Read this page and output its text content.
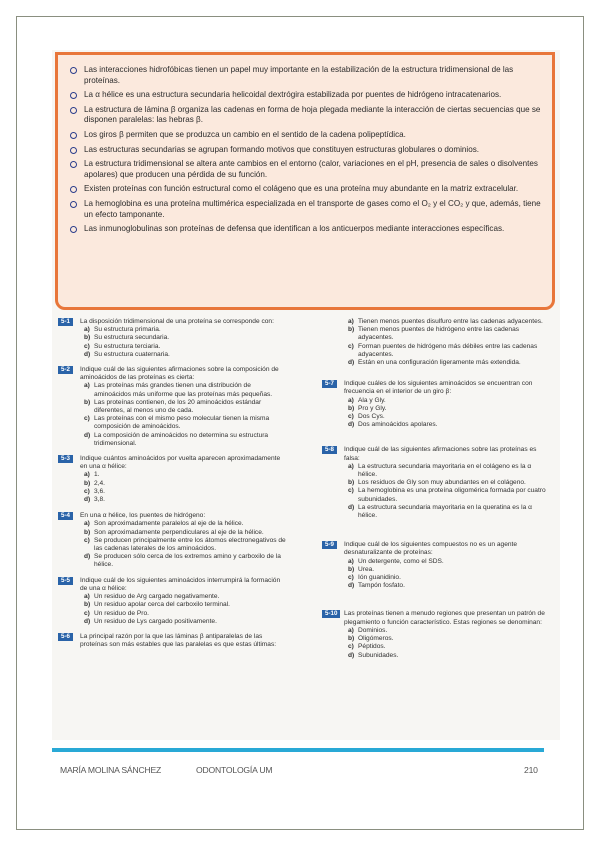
Las interacciones hidrofóbicas tienen un papel muy importante en la estabilización de la estructura tridimensional de las proteínas.
La α hélice es una estructura secundaria helicoidal dextrógira estabilizada por puentes de hidrógeno intracatenarios.
La estructura de lámina β organiza las cadenas en forma de hoja plegada mediante la interacción de ciertas secuencias que se disponen paralelas: las hebras β.
Los giros β permiten que se produzca un cambio en el sentido de la cadena polipeptídica.
Las estructuras secundarias se agrupan formando motivos que constituyen estructuras globulares o dominios.
La estructura tridimensional se altera ante cambios en el entorno (calor, variaciones en el pH, presencia de sales o disolventes apolares) que producen una pérdida de su función.
Existen proteínas con función estructural como el colágeno que es una proteína muy abundante en la matriz extracelular.
La hemoglobina es una proteína multimérica especializada en el transporte de gases como el O₂ y el CO₂ y que, además, tiene un efecto tamponante.
Las inmunoglobulinas son proteínas de defensa que identifican a los anticuerpos mediante interacciones específicas.
5-1	La disposición tridimensional de una proteína se corresponde con:
a) Su estructura primaria.
b) Su estructura secundaria.
c) Su estructura terciaria.
d) Su estructura cuaternaria.
5-2	Indique cuál de las siguientes afirmaciones sobre la composición de aminoácidos de las proteínas es cierta:
a) Las proteínas más grandes tienen una distribución de aminoácidos más uniforme que las proteínas más pequeñas.
b) Las proteínas contienen, de los 20 aminoácidos estándar diferentes, al menos uno de cada.
c) Las proteínas con el mismo peso molecular tienen la misma composición de aminoácidos.
d) La composición de aminoácidos no determina su estructura tridimensional.
5-3	Indique cuántos aminoácidos por vuelta aparecen aproximadamente en una α hélice:
a) 1.
b) 2,4.
c) 3,6.
d) 3,8.
5-4	En una α hélice, los puentes de hidrógeno:
a) Son aproximadamente paralelos al eje de la hélice.
b) Son aproximadamente perpendiculares al eje de la hélice.
c) Se producen principalmente entre los átomos electronegativos de las cadenas laterales de los aminoácidos.
d) Se producen sólo cerca de los extremos amino y carboxilo de la hélice.
5-5	Indique cuál de los siguientes aminoácidos interrumpirá la formación de una α hélice:
a) Un residuo de Arg cargado negativamente.
b) Un residuo apolar cerca del carboxilo terminal.
c) Un residuo de Pro.
d) Un residuo de Lys cargado positivamente.
5-6	La principal razón por la que las láminas β antiparalelas de las proteínas son más estables que las paralelas es que estas últimas:
a) Tienen menos puentes disulfuro entre las cadenas adyacentes.
b) Tienen menos puentes de hidrógeno entre las cadenas adyacentes.
c) Forman puentes de hidrógeno más débiles entre las cadenas adyacentes.
d) Están en una configuración ligeramente más extendida.
5-7	Indique cuáles de los siguientes aminoácidos se encuentran con frecuencia en el interior de un giro β:
a) Ala y Gly.
b) Pro y Gly.
c) Dos Cys.
d) Dos aminoácidos apolares.
5-8	Indique cuál de las siguientes afirmaciones sobre las proteínas es falsa:
a) La estructura secundaria mayoritaria en el colágeno es la α hélice.
b) Los residuos de Gly son muy abundantes en el colágeno.
c) La hemoglobina es una proteína oligomérica formada por cuatro subunidades.
d) La estructura secundaria mayoritaria en la queratina es la α hélice.
5-9	Indique cuál de los siguientes compuestos no es un agente desnaturalizante de proteínas:
a) Un detergente, como el SDS.
b) Urea.
c) Ión guanidinio.
d) Tampón fosfato.
5-10	Las proteínas tienen a menudo regiones que presentan un patrón de plegamiento o función característico. Estas regiones se denominan:
a) Dominios.
b) Oligómeros.
c) Péptidos.
d) Subunidades.
MARÍA MOLINA SÁNCHEZ	ODONTOLOGÍA UM	210
